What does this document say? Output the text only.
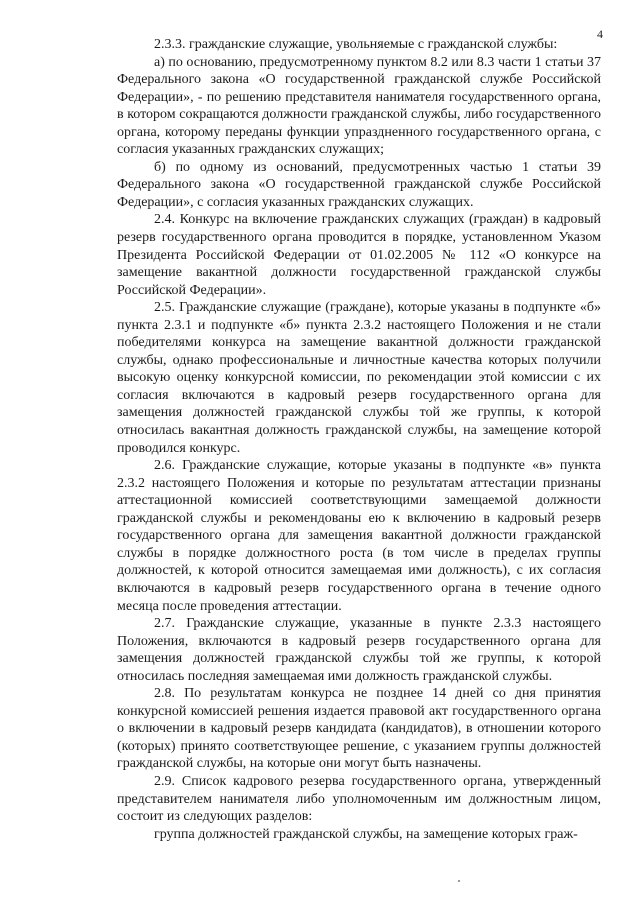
4

2.3.3. гражданские служащие, увольняемые с гражданской службы:

а) по основанию, предусмотренному пунктом 8.2 или 8.3 части 1 статьи 37 Федерального закона «О государственной гражданской службе Российской Федерации», - по решению представителя нанимателя государственного органа, в котором сокращаются должности гражданской службы, либо государственного органа, которому переданы функции упраздненного государственного органа, с согласия указанных гражданских служащих;

б) по одному из оснований, предусмотренных частью 1 статьи 39 Федерального закона «О государственной гражданской службе Российской Федерации», с согласия указанных гражданских служащих.

2.4. Конкурс на включение гражданских служащих (граждан) в кадровый резерв государственного органа проводится в порядке, установленном Указом Президента Российской Федерации от 01.02.2005 № 112 «О конкурсе на замещение вакантной должности государственной гражданской службы Российской Федерации».

2.5. Гражданские служащие (граждане), которые указаны в подпункте «б» пункта 2.3.1 и подпункте «б» пункта 2.3.2 настоящего Положения и не стали победителями конкурса на замещение вакантной должности гражданской службы, однако профессиональные и личностные качества которых получили высокую оценку конкурсной комиссии, по рекомендации этой комиссии с их согласия включаются в кадровый резерв государственного органа для замещения должностей гражданской службы той же группы, к которой относилась вакантная должность гражданской службы, на замещение которой проводился конкурс.

2.6. Гражданские служащие, которые указаны в подпункте «в» пункта 2.3.2 настоящего Положения и которые по результатам аттестации признаны аттестационной комиссией соответствующими замещаемой должности гражданской службы и рекомендованы ею к включению в кадровый резерв государственного органа для замещения вакантной должности гражданской службы в порядке должностного роста (в том числе в пределах группы должностей, к которой относится замещаемая ими должность), с их согласия включаются в кадровый резерв государственного органа в течение одного месяца после проведения аттестации.

2.7. Гражданские служащие, указанные в пункте 2.3.3 настоящего Положения, включаются в кадровый резерв государственного органа для замещения должностей гражданской службы той же группы, к которой относилась последняя замещаемая ими должность гражданской службы.

2.8. По результатам конкурса не позднее 14 дней со дня принятия конкурсной комиссией решения издается правовой акт государственного органа о включении в кадровый резерв кандидата (кандидатов), в отношении которого (которых) принято соответствующее решение, с указанием группы должностей гражданской службы, на которые они могут быть назначены.

2.9. Список кадрового резерва государственного органа, утвержденный представителем нанимателя либо уполномоченным им должностным лицом, состоит из следующих разделов:

группа должностей гражданской службы, на замещение которых граж-
